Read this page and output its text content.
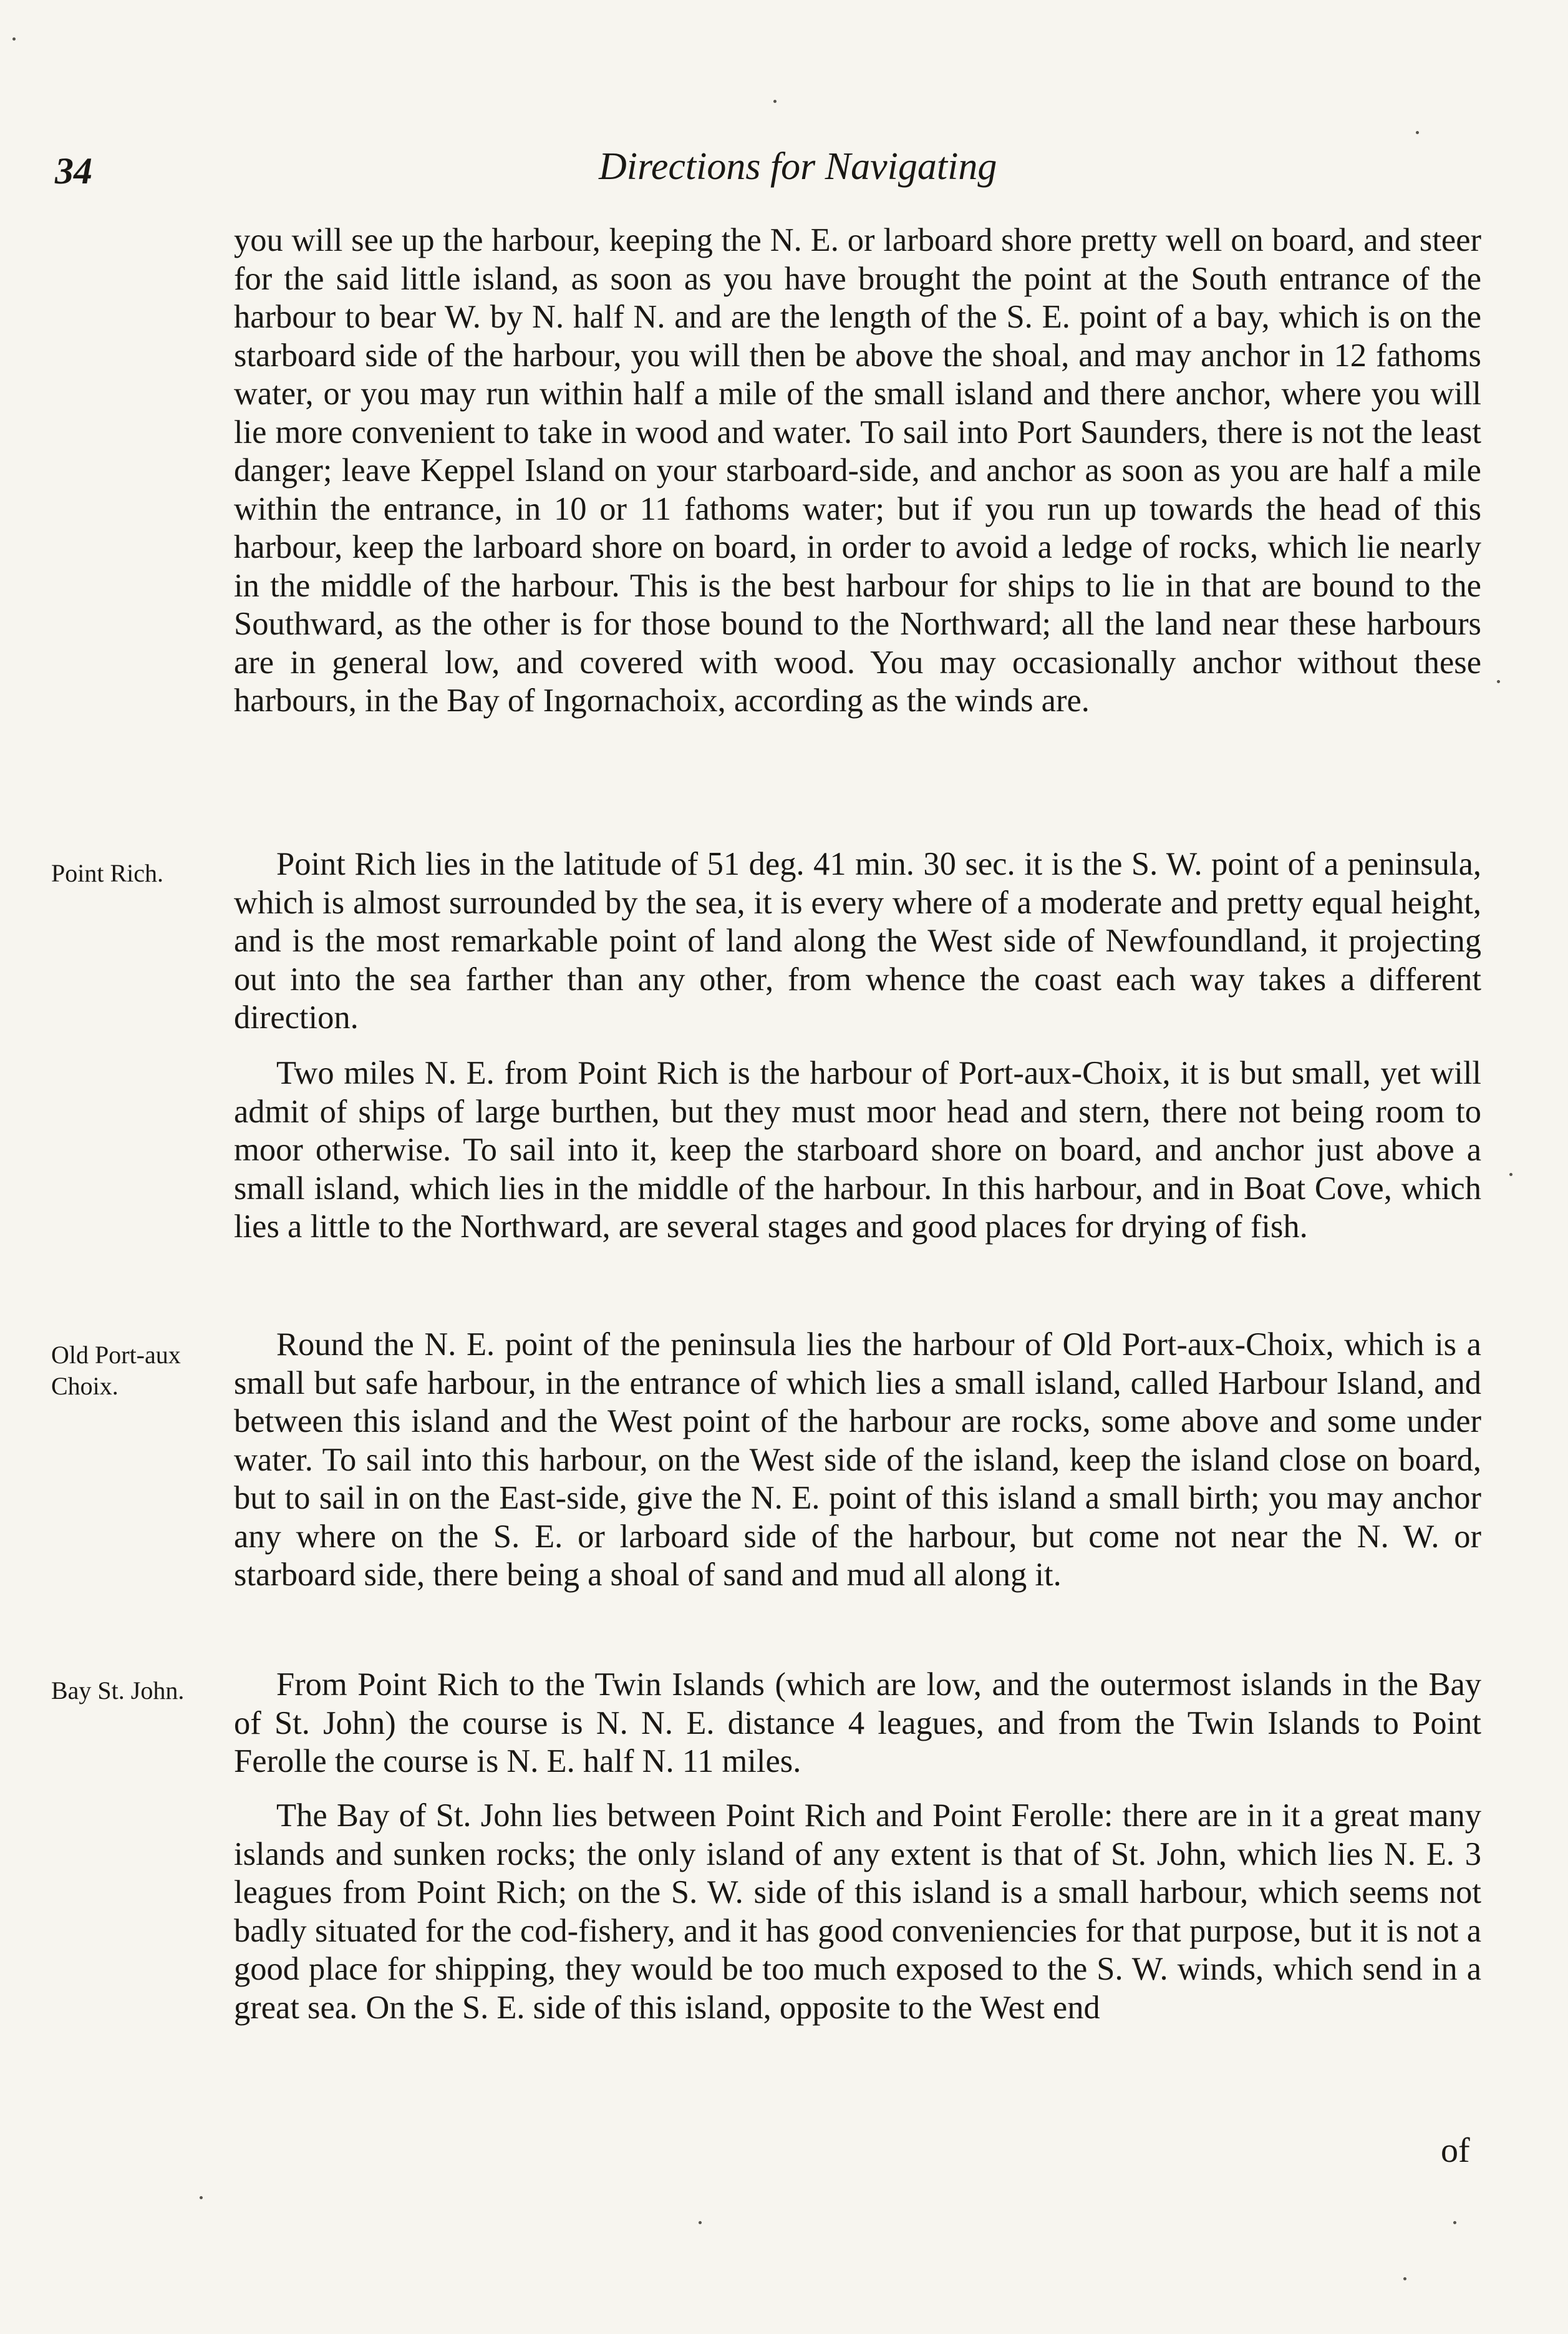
34	Directions for Navigating
Point Rich.
Old Port-aux Choix.
Bay St. John.

you will see up the harbour, keeping the N. E. or larboard shore pretty well on board, and steer for the said little island, as soon as you have brought the point at the South entrance of the harbour to bear W. by N. half N. and are the length of the S. E. point of a bay, which is on the starboard side of the harbour, you will then be above the shoal, and may anchor in 12 fathoms water, or you may run within half a mile of the small island and there anchor, where you will lie more convenient to take in wood and water. To sail into Port Saunders, there is not the least danger; leave Keppel Island on your starboard-side, and anchor as soon as you are half a mile within the entrance, in 10 or 11 fathoms water; but if you run up towards the head of this harbour, keep the larboard shore on board, in order to avoid a ledge of rocks, which lie nearly in the middle of the harbour. This is the best harbour for ships to lie in that are bound to the Southward, as the other is for those bound to the Northward; all the land near these harbours are in general low, and covered with wood. You may occasionally anchor without these harbours, in the Bay of Ingornachoix, according as the winds are.

Point Rich lies in the latitude of 51 deg. 41 min. 30 sec. it is the S. W. point of a peninsula, which is almost surrounded by the sea, it is every where of a moderate and pretty equal height, and is the most remarkable point of land along the West side of Newfoundland, it projecting out into the sea farther than any other, from whence the coast each way takes a different direction.

Two miles N. E. from Point Rich is the harbour of Port-aux-Choix, it is but small, yet will admit of ships of large burthen, but they must moor head and stern, there not being room to moor otherwise. To sail into it, keep the starboard shore on board, and anchor just above a small island, which lies in the middle of the harbour. In this harbour, and in Boat Cove, which lies a little to the Northward, are several stages and good places for drying of fish.

Round the N. E. point of the peninsula lies the harbour of Old Port-aux-Choix, which is a small but safe harbour, in the entrance of which lies a small island, called Harbour Island, and between this island and the West point of the harbour are rocks, some above and some under water. To sail into this harbour, on the West side of the island, keep the island close on board, but to sail in on the East-side, give the N. E. point of this island a small birth; you may anchor any where on the S. E. or larboard side of the harbour, but come not near the N. W. or starboard side, there being a shoal of sand and mud all along it.

From Point Rich to the Twin Islands (which are low, and the outermost islands in the Bay of St. John) the course is N. N. E. distance 4 leagues, and from the Twin Islands to Point Ferolle the course is N. E. half N. 11 miles.

The Bay of St. John lies between Point Rich and Point Ferolle: there are in it a great many islands and sunken rocks; the only island of any extent is that of St. John, which lies N. E. 3 leagues from Point Rich; on the S. W. side of this island is a small harbour, which seems not badly situated for the cod-fishery, and it has good conveniencies for that purpose, but it is not a good place for shipping, they would be too much exposed to the S. W. winds, which send in a great sea. On the S. E. side of this island, opposite to the West end

of
